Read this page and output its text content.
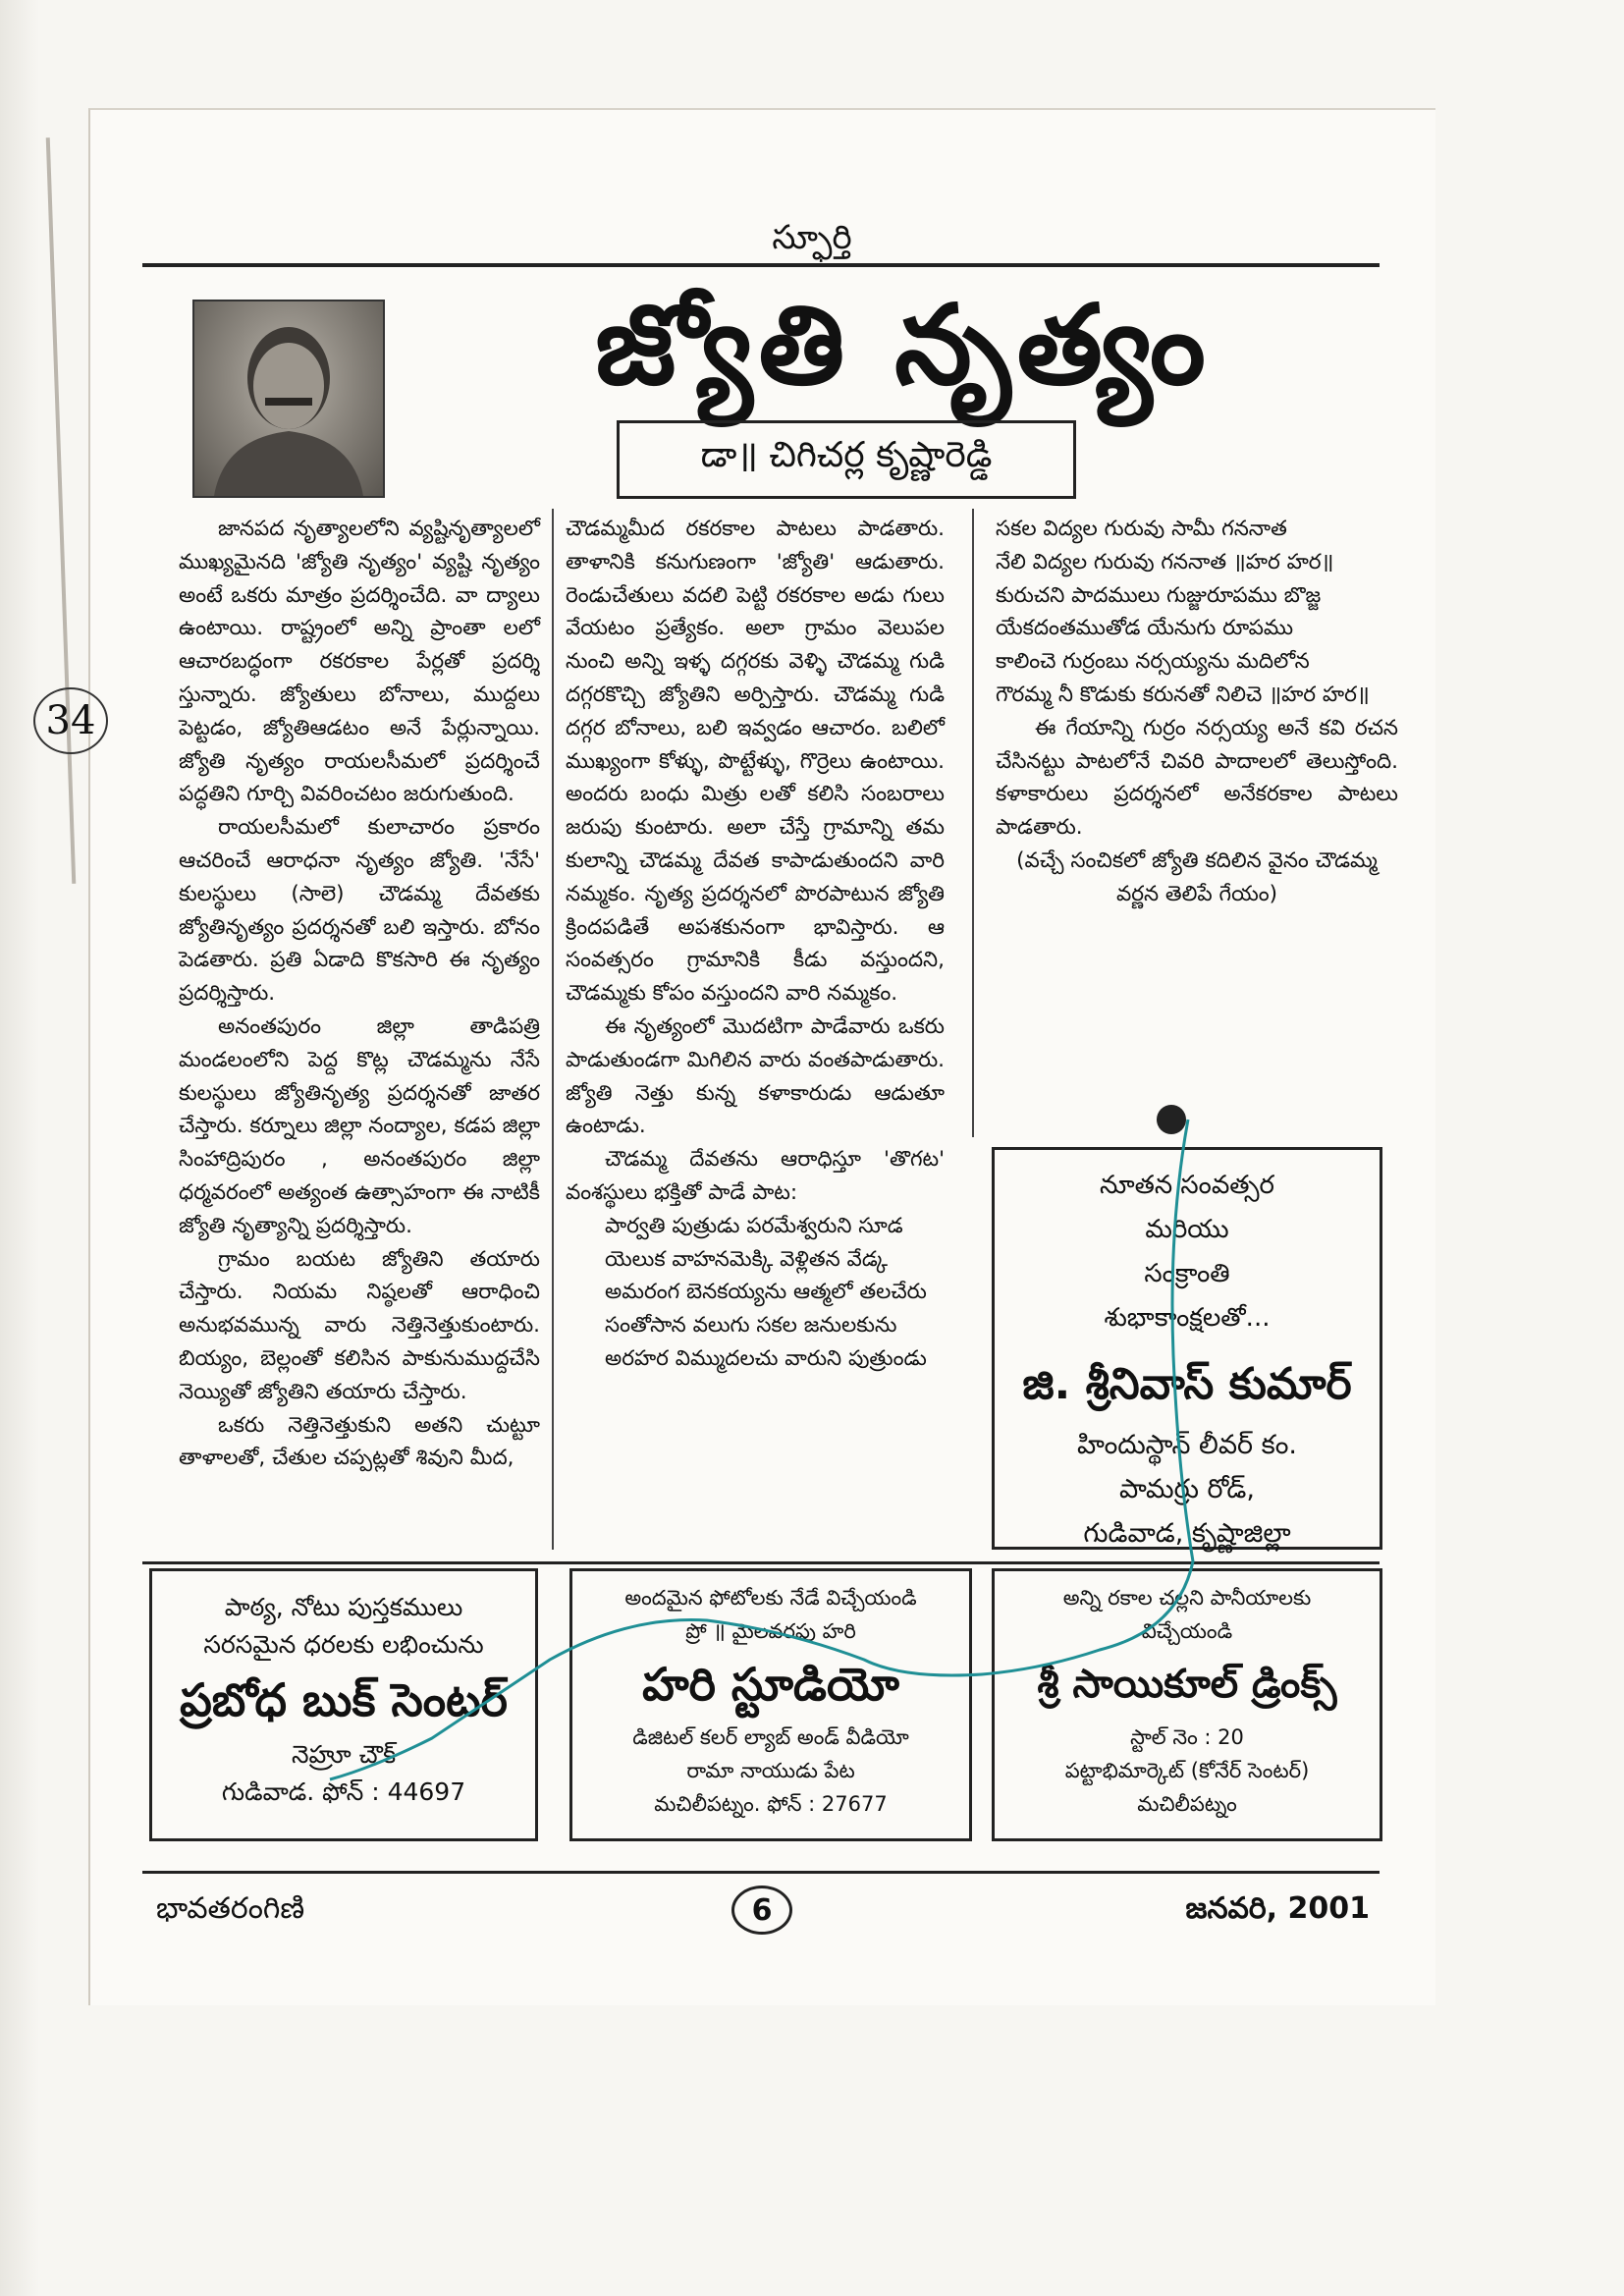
స్ఫూర్తి
జ్యోతి నృత్యం
డా॥ చిగిచర్ల కృష్ణారెడ్డి
34

జానపద నృత్యాలలోని వ్యష్టినృత్యాలలో ముఖ్యమైనది 'జ్యోతి నృత్యం' వ్యష్టి నృత్యం అంటే ఒకరు మాత్రం ప్రదర్శించేది. వా ద్యాలు ఉంటాయి. రాష్ట్రంలో అన్ని ప్రాంతా లలో ఆచారబద్ధంగా రకరకాల పేర్లతో ప్రదర్శి స్తున్నారు. జ్యోతులు బోనాలు, ముద్దలు పెట్టడం, జ్యోతిఆడటం అనే పేర్లున్నాయి. జ్యోతి నృత్యం రాయలసీమలో ప్రదర్శించే పద్ధతిని గూర్చి వివరించటం జరుగుతుంది.

రాయలసీమలో కులాచారం ప్రకారం ఆచరించే ఆరాధనా నృత్యం జ్యోతి. 'నేసే' కులస్థులు (సాలె) చౌడమ్మ దేవతకు జ్యోతినృత్యం ప్రదర్శనతో బలి ఇస్తారు. బోనం పెడతారు. ప్రతి ఏడాది కొకసారి ఈ నృత్యం ప్రదర్శిస్తారు.

అనంతపురం జిల్లా తాడిపత్రి మండలంలోని పెద్ద కొట్ల చౌడమ్మను నేసే కులస్థులు జ్యోతినృత్య ప్రదర్శనతో జాతర చేస్తారు. కర్నూలు జిల్లా నంద్యాల, కడప జిల్లా సింహాద్రిపురం , అనంతపురం జిల్లా ధర్మవరంలో అత్యంత ఉత్సాహంగా ఈ నాటికీ జ్యోతి నృత్యాన్ని ప్రదర్శిస్తారు.

గ్రామం బయట జ్యోతిని తయారు చేస్తారు. నియమ నిష్ఠలతో ఆరాధించి అనుభవమున్న వారు నెత్తినెత్తుకుంటారు. బియ్యం, బెల్లంతో కలిసిన పాకునుముద్దచేసి నెయ్యితో జ్యోతిని తయారు చేస్తారు.

ఒకరు నెత్తినెత్తుకుని అతని చుట్టూ తాళాలతో, చేతుల చప్పట్లతో శివుని మీద,

చౌడమ్మమీద రకరకాల పాటలు పాడతారు. తాళానికి కనుగుణంగా 'జ్యోతి' ఆడుతారు. రెండుచేతులు వదలి పెట్టి రకరకాల అడు గులు వేయటం ప్రత్యేకం. అలా గ్రామం వెలుపల నుంచి అన్ని ఇళ్ళ దగ్గరకు వెళ్ళి చౌడమ్మ గుడి దగ్గరకొచ్చి జ్యోతిని అర్పిస్తారు. చౌడమ్మ గుడి దగ్గర బోనాలు, బలి ఇవ్వడం ఆచారం. బలిలో ముఖ్యంగా కోళ్ళు, పొట్టేళ్ళు, గొర్రెలు ఉంటాయి. అందరు బంధు మిత్రు లతో కలిసి సంబరాలు జరుపు కుంటారు. అలా చేస్తే గ్రామాన్ని తమ కులాన్ని చౌడమ్మ దేవత కాపాడుతుందని వారి నమ్మకం. నృత్య ప్రదర్శనలో పొరపాటున జ్యోతి క్రిందపడితే అపశకునంగా భావిస్తారు. ఆ సంవత్సరం గ్రామానికి కీడు వస్తుందని, చౌడమ్మకు కోపం వస్తుందని వారి నమ్మకం.

ఈ నృత్యంలో మొదటిగా పాడేవారు ఒకరు పాడుతుండగా మిగిలిన వారు వంతపాడుతారు. జ్యోతి నెత్తు కున్న కళాకారుడు ఆడుతూ ఉంటాడు.

చౌడమ్మ దేవతను ఆరాధిస్తూ 'తొగట' వంశస్థులు భక్తితో పాడే పాట:

పార్వతి పుత్రుడు పరమేశ్వరుని సూడ

యెలుక వాహనమెక్కి వెళ్లితన వేడ్క

అమరంగ బెనకయ్యను ఆత్మలో తలచేరు

సంతోసాన వలుగు సకల జనులకును

అరహర విమ్ముదలచు వారుని పుత్రుండు

సకల విద్యల గురువు సామీ గననాత

నేలి విద్యల గురువు గననాత ॥హర హర॥

కురుచని పాదములు గుజ్జురూపము బొజ్జ

యేకదంతముతోడ యేనుగు రూపము

కాలించె గుర్రంబు నర్సయ్యను మదిలోన

గౌరమ్మ నీ కొడుకు కరునతో నిలిచె ॥హర హర॥

ఈ గేయాన్ని గుర్రం నర్సయ్య అనే కవి రచన చేసినట్టు పాటలోనే చివరి పాదాలలో తెలుస్తోంది. కళాకారులు ప్రదర్శనలో అనేకరకాల పాటలు పాడతారు.

(వచ్చే సంచికలో జ్యోతి కదిలిన వైనం చౌడమ్మ వర్ణన తెలిపే గేయం)

నూతన సంవత్సర
మరియు
సంక్రాంతి
శుభాకాంక్షలతో...
జి. శ్రీనివాస్ కుమార్
హిందుస్థాన్ లీవర్ కం.
పామర్రు రోడ్,
గుడివాడ, కృష్ణాజిల్లా
పాఠ్య, నోటు పుస్తకములు
సరసమైన ధరలకు లభించును
ప్రబోధ బుక్ సెంటర్
నెహ్రూ చౌక్
గుడివాడ. ఫోన్ : 44697
అందమైన ఫోటోలకు నేడే విచ్చేయండి
ప్రో ॥ మైలవరపు హరి
హరి స్టూడియో
డిజిటల్ కలర్ ల్యాబ్ అండ్ వీడియో
రామా నాయుడు పేట
మచిలీపట్నం. ఫోన్ : 27677
అన్ని రకాల చల్లని పానీయాలకు
విచ్చేయండి
శ్రీ సాయికూల్ డ్రింక్స్
స్టాల్ నెం : 20
పట్టాభిమార్కెట్ (కోనేర్ సెంటర్)
మచిలీపట్నం
భావతరంగిణి	6	జనవరి, 2001
